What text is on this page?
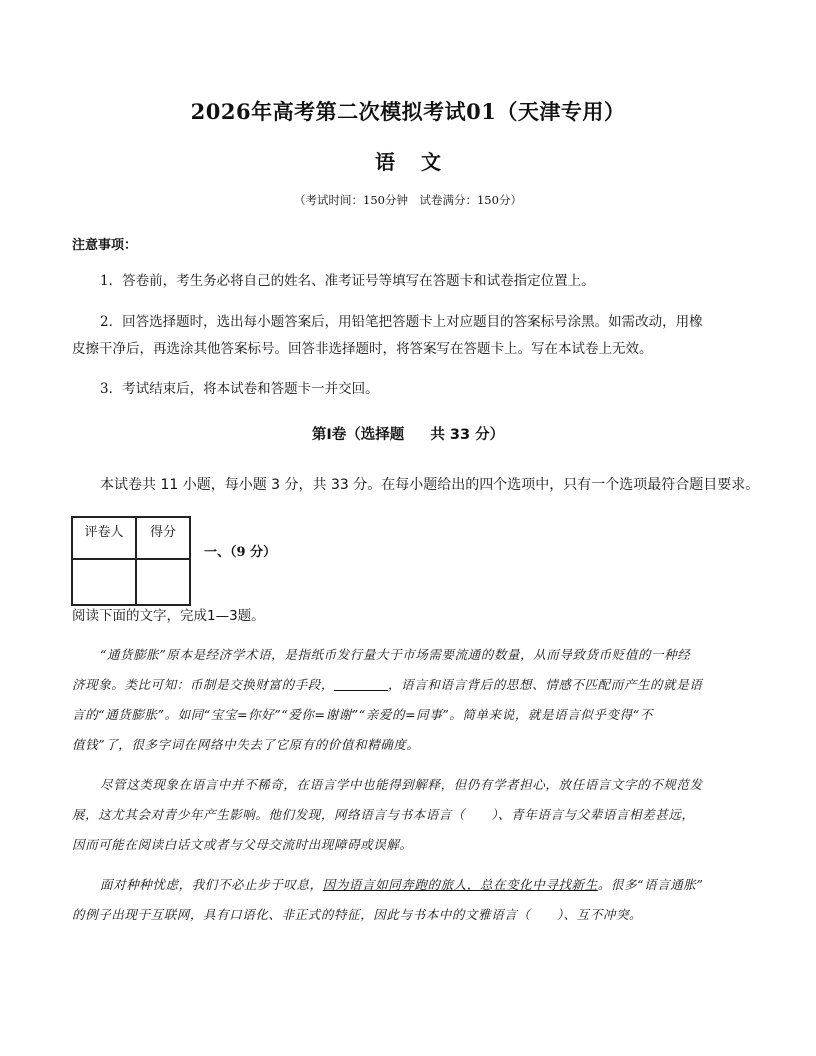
2026年高考第二次模拟考试01（天津专用）
语文
（考试时间：150分钟　试卷满分：150分）
注意事项：
1．答卷前，考生务必将自己的姓名、准考证号等填写在答题卡和试卷指定位置上。
2．回答选择题时，选出每小题答案后，用铅笔把答题卡上对应题目的答案标号涂黑。如需改动，用橡
皮擦干净后，再选涂其他答案标号。回答非选择题时，将答案写在答题卡上。写在本试卷上无效。
3．考试结束后，将本试卷和答题卡一并交回。
第Ⅰ卷（选择题 共 33 分）
本试卷共 11 小题，每小题 3 分，共 33 分。在每小题给出的四个选项中，只有一个选项最符合题目要求。
评卷人	得分
一、（9 分）
阅读下面的文字，完成1—3题。
“通货膨胀”原本是经济学术语，是指纸币发行量大于市场需要流通的数量，从而导致货币贬值的一种经
济现象。类比可知：币制是交换财富的手段，	，语言和语言背后的思想、情感不匹配而产生的就是语
言的“通货膨胀”。如同“宝宝=你好”“爱你=谢谢”“亲爱的=同事”。简单来说，就是语言似乎变得“不
值钱”了，很多字词在网络中失去了它原有的价值和精确度。
尽管这类现象在语言中并不稀奇，在语言学中也能得到解释，但仍有学者担心，放任语言文字的不规范发
展，这尤其会对青少年产生影响。他们发现，网络语言与书本语言（　　）、青年语言与父辈语言相差甚远，
因而可能在阅读白话文或者与父母交流时出现障碍或误解。
面对种种忧虑，我们不必止步于叹息，因为语言如同奔跑的旅人，总在变化中寻找新生。很多“语言通胀”
的例子出现于互联网，具有口语化、非正式的特征，因此与书本中的文雅语言（　　）、互不冲突。
